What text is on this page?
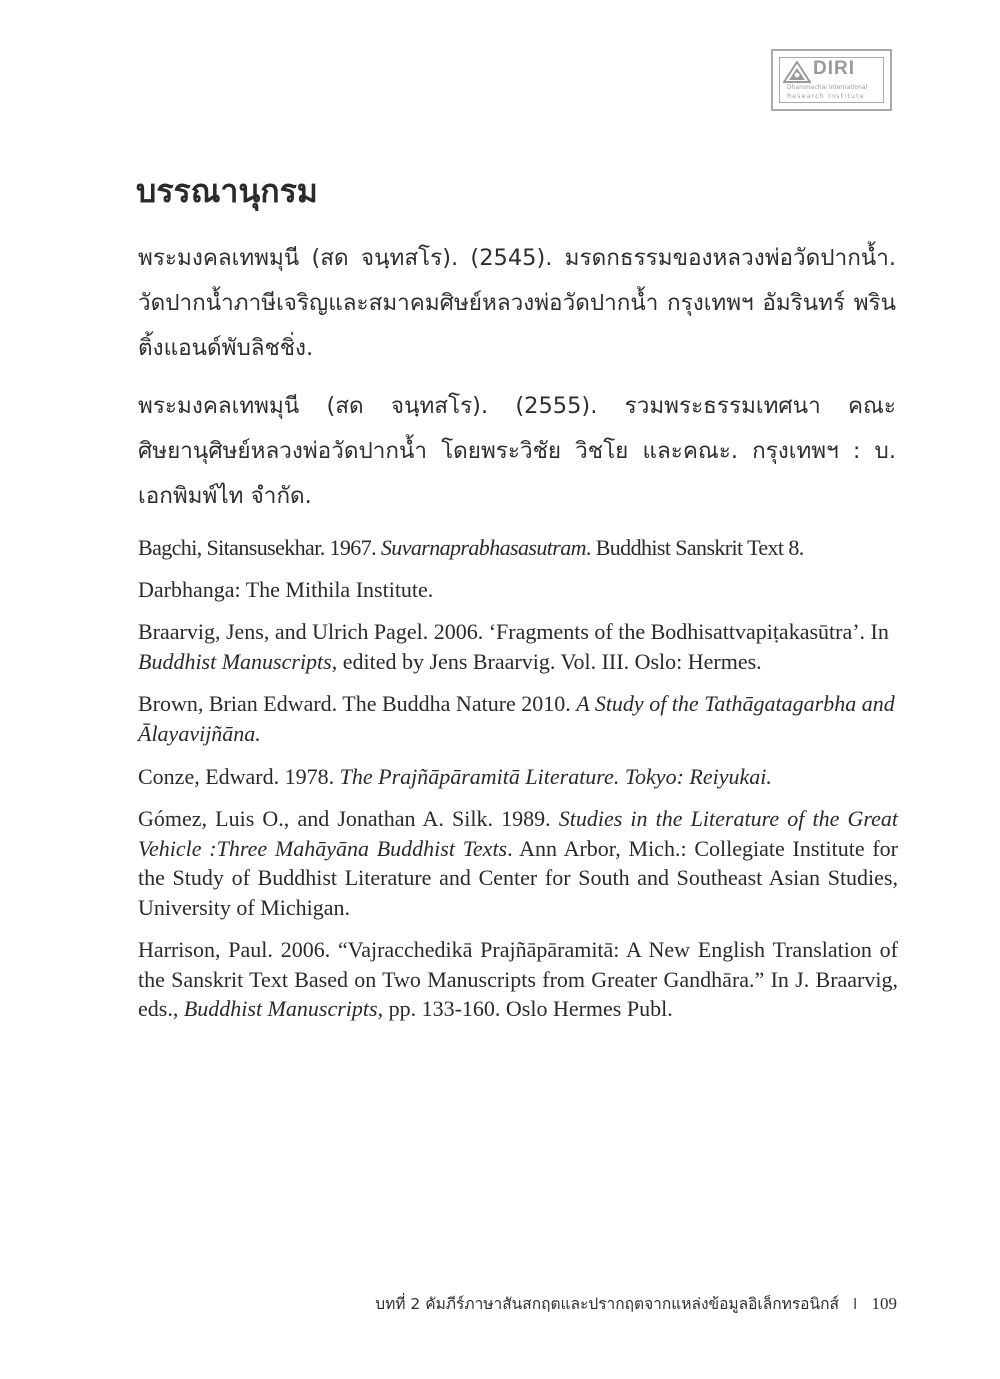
DIRI
Dhammachai International
Research Institute
บรรณานุกรม

พระมงคลเทพมุนี (สด จนฺทสโร). (2545). มรดกธรรมของหลวงพ่อวัดปากน้ำ. วัดปากน้ำภาษีเจริญและสมาคมศิษย์หลวงพ่อวัดปากน้ำ กรุงเทพฯ อัมรินทร์ พรินติ้งแอนด์พับลิชชิ่ง.

พระมงคลเทพมุนี (สด จนฺทสโร). (2555). รวมพระธรรมเทศนา คณะ ศิษยานุศิษย์หลวงพ่อวัดปากน้ำ โดยพระวิชัย วิชโย และคณะ. กรุงเทพฯ : บ. เอกพิมพ์ไท จำกัด.

Bagchi, Sitansusekhar. 1967. Suvarnaprabhasasutram. Buddhist Sanskrit Text 8.

Darbhanga: The Mithila Institute.

Braarvig, Jens, and Ulrich Pagel. 2006. ‘Fragments of the Bodhisattvapiṭakasūtra’. In Buddhist Manuscripts, edited by Jens Braarvig. Vol. III. Oslo: Hermes.

Brown, Brian Edward. The Buddha Nature 2010. A Study of the Tathāgatagarbha and Ālayavijñāna.

Conze, Edward. 1978. The Prajñāpāramitā Literature. Tokyo: Reiyukai.

Gómez, Luis O., and Jonathan A. Silk. 1989. Studies in the Literature of the Great Vehicle :Three Mahāyāna Buddhist Texts. Ann Arbor, Mich.: Collegiate Institute for the Study of Buddhist Literature and Center for South and Southeast Asian Studies, University of Michigan.

Harrison, Paul. 2006. “Vajracchedikā Prajñāpāramitā: A New English Translation of the Sanskrit Text Based on Two Manuscripts from Greater Gandhāra.” In J. Braarvig, eds., Buddhist Manuscripts, pp. 133-160. Oslo Hermes Publ.

บทที่ 2 คัมภีร์ภาษาสันสกฤตและปรากฤตจากแหล่งข้อมูลอิเล็กทรอนิกส์ I 109
